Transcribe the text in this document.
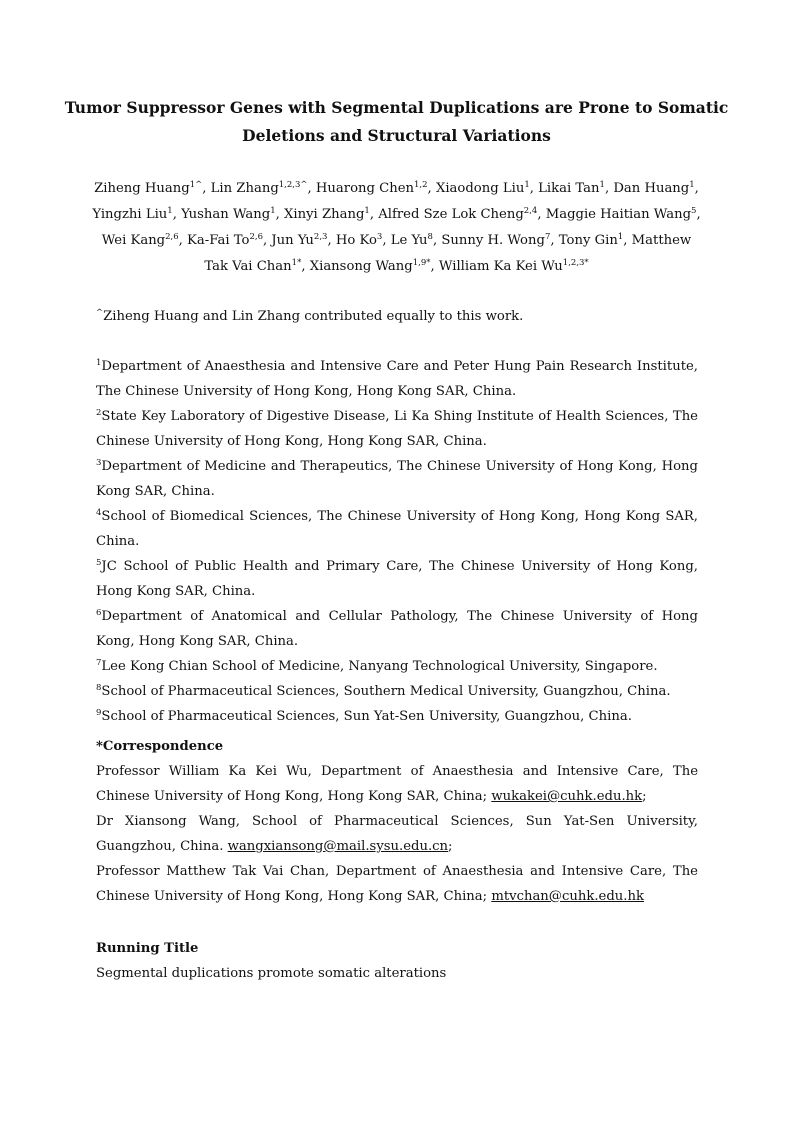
Tumor Suppressor Genes with Segmental Duplications are Prone to Somatic
Deletions and Structural Variations
Ziheng Huang$^{1\^{}}$, Lin Zhang$^{1,2,3\^{}}$, Huarong Chen$^{1,2}$, Xiaodong Liu$^1$, Likai Tan$^1$, Dan Huang$^1$, Yingzhi Liu$^1$, Yushan Wang$^1$, Xinyi Zhang$^1$, Alfred Sze Lok Cheng$^{2,4}$, Maggie Haitian Wang$^5$, Wei Kang$^{2,6}$, Ka-Fai To$^{2,6}$, Jun Yu$^{2,3}$, Ho Ko$^3$, Le Yu$^8$, Sunny H. Wong$^7$, Tony Gin$^1$, Matthew Tak Vai Chan$^{1*}$, Xiansong Wang$^{1,9*}$, William Ka Kei $Wu^{1,2,3*}$
^Ziheng Huang and Lin Zhang contributed equally to this work.

$^1$Department of Anaesthesia and Intensive Care and Peter Hung Pain Research Institute, The Chinese University of Hong Kong, Hong Kong SAR, China.

$^2$State Key Laboratory of Digestive Disease, Li Ka Shing Institute of Health Sciences, The Chinese University of Hong Kong, Hong Kong SAR, China.

$^3$Department of Medicine and Therapeutics, The Chinese University of Hong Kong, Hong Kong SAR, China.

$^4$School of Biomedical Sciences, The Chinese University of Hong Kong, Hong Kong SAR, China.

$^5$JC School of Public Health and Primary Care, The Chinese University of Hong Kong, Hong Kong SAR, China.

$^6$Department of Anatomical and Cellular Pathology, The Chinese University of Hong Kong, Hong Kong SAR, China.

$^7$Lee Kong Chian School of Medicine, Nanyang Technological University, Singapore.

$^8$School of Pharmaceutical Sciences, Southern Medical University, Guangzhou, China.

$^9$School of Pharmaceutical Sciences, Sun Yat-Sen University, Guangzhou, China.

*Correspondence

Professor William Ka Kei Wu, Department of Anaesthesia and Intensive Care, The Chinese University of Hong Kong, Hong Kong SAR, China; wukakei@cuhk.edu.hk;

Dr Xiansong Wang, School of Pharmaceutical Sciences, Sun Yat-Sen University, Guangzhou, China. wangxiansong@mail.sysu.edu.cn;

Professor Matthew Tak Vai Chan, Department of Anaesthesia and Intensive Care, The Chinese University of Hong Kong, Hong Kong SAR, China; mtvchan@cuhk.edu.hk

Running Title

Segmental duplications promote somatic alterations
